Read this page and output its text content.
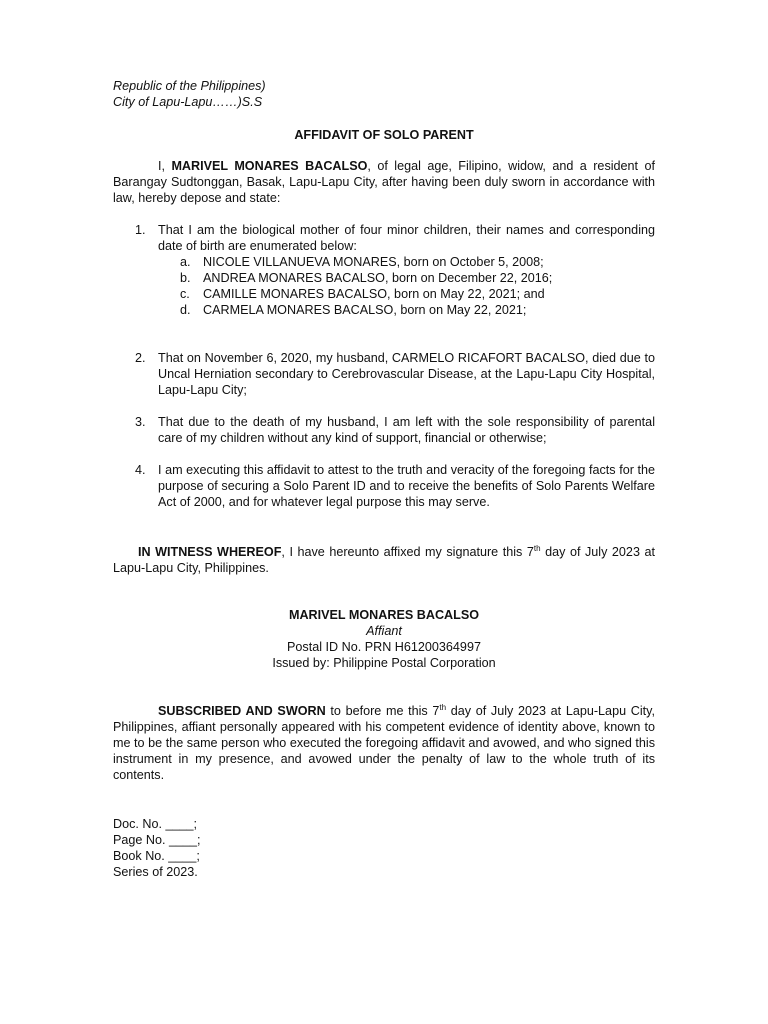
Republic of the Philippines)
City of Lapu-Lapu……)S.S
AFFIDAVIT OF SOLO PARENT

I, MARIVEL MONARES BACALSO, of legal age, Filipino, widow, and a resident of Barangay Sudtonggan, Basak, Lapu-Lapu City, after having been duly sworn in accordance with law, hereby depose and state:

1. That I am the biological mother of four minor children, their names and corresponding date of birth are enumerated below:
a. NICOLE VILLANUEVA MONARES, born on October 5, 2008;
b. ANDREA MONARES BACALSO, born on December 22, 2016;
c. CAMILLE MONARES BACALSO, born on May 22, 2021; and
d. CARMELA MONARES BACALSO, born on May 22, 2021;
2. That on November 6, 2020, my husband, CARMELO RICAFORT BACALSO, died due to Uncal Herniation secondary to Cerebrovascular Disease, at the Lapu-Lapu City Hospital, Lapu-Lapu City;
3. That due to the death of my husband, I am left with the sole responsibility of parental care of my children without any kind of support, financial or otherwise;
4. I am executing this affidavit to attest to the truth and veracity of the foregoing facts for the purpose of securing a Solo Parent ID and to receive the benefits of Solo Parents Welfare Act of 2000, and for whatever legal purpose this may serve.

IN WITNESS WHEREOF, I have hereunto affixed my signature this 7th day of July 2023 at Lapu-Lapu City, Philippines.

MARIVEL MONARES BACALSO
Affiant
Postal ID No. PRN H61200364997
Issued by: Philippine Postal Corporation

SUBSCRIBED AND SWORN to before me this 7th day of July 2023 at Lapu-Lapu City, Philippines, affiant personally appeared with his competent evidence of identity above, known to me to be the same person who executed the foregoing affidavit and avowed, and who signed this instrument in my presence, and avowed under the penalty of law to the whole truth of its contents.

Doc. No. ____;
Page No. ____;
Book No. ____;
Series of 2023.
